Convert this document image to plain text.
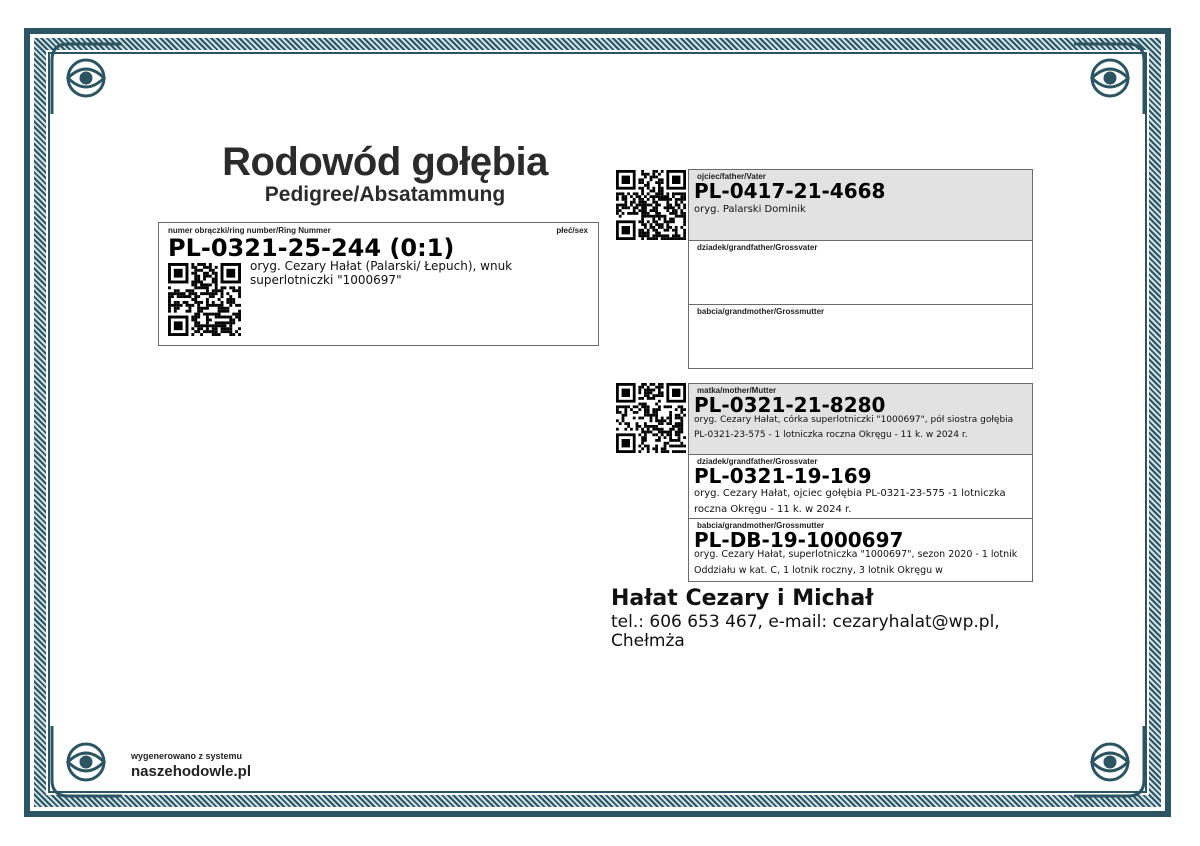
Rodowód gołębia
Pedigree/Absatammung
numer obrączki/ring number/Ring Nummer	płeć/sex
PL-0321-25-244 (0:1)
oryg. Cezary Hałat (Palarski/ Łepuch), wnuk superlotniczki "1000697"
ojciec/father/Vater
PL-0417-21-4668
oryg. Palarski Dominik
dziadek/grandfather/Grossvater
babcia/grandmother/Grossmutter
matka/mother/Mutter
PL-0321-21-8280
oryg. Cezary Hałat, córka superlotniczki "1000697", pół siostra gołębia PL-0321-23-575 - 1 lotniczka roczna Okręgu - 11 k. w 2024 r.
dziadek/grandfather/Grossvater
PL-0321-19-169
oryg. Cezary Hałat, ojciec gołębia PL-0321-23-575 -1 lotniczka roczna Okręgu - 11 k. w 2024 r.
babcia/grandmother/Grossmutter
PL-DB-19-1000697
oryg. Cezary Hałat, superlotniczka "1000697", sezon 2020 - 1 lotnik Oddziału w kat. C, 1 lotnik roczny, 3 lotnik Okręgu w
Hałat Cezary i Michał
tel.: 606 653 467, e-mail: cezaryhalat@wp.pl, Chełmża
wygenerowano z systemu
naszehodowle.pl
